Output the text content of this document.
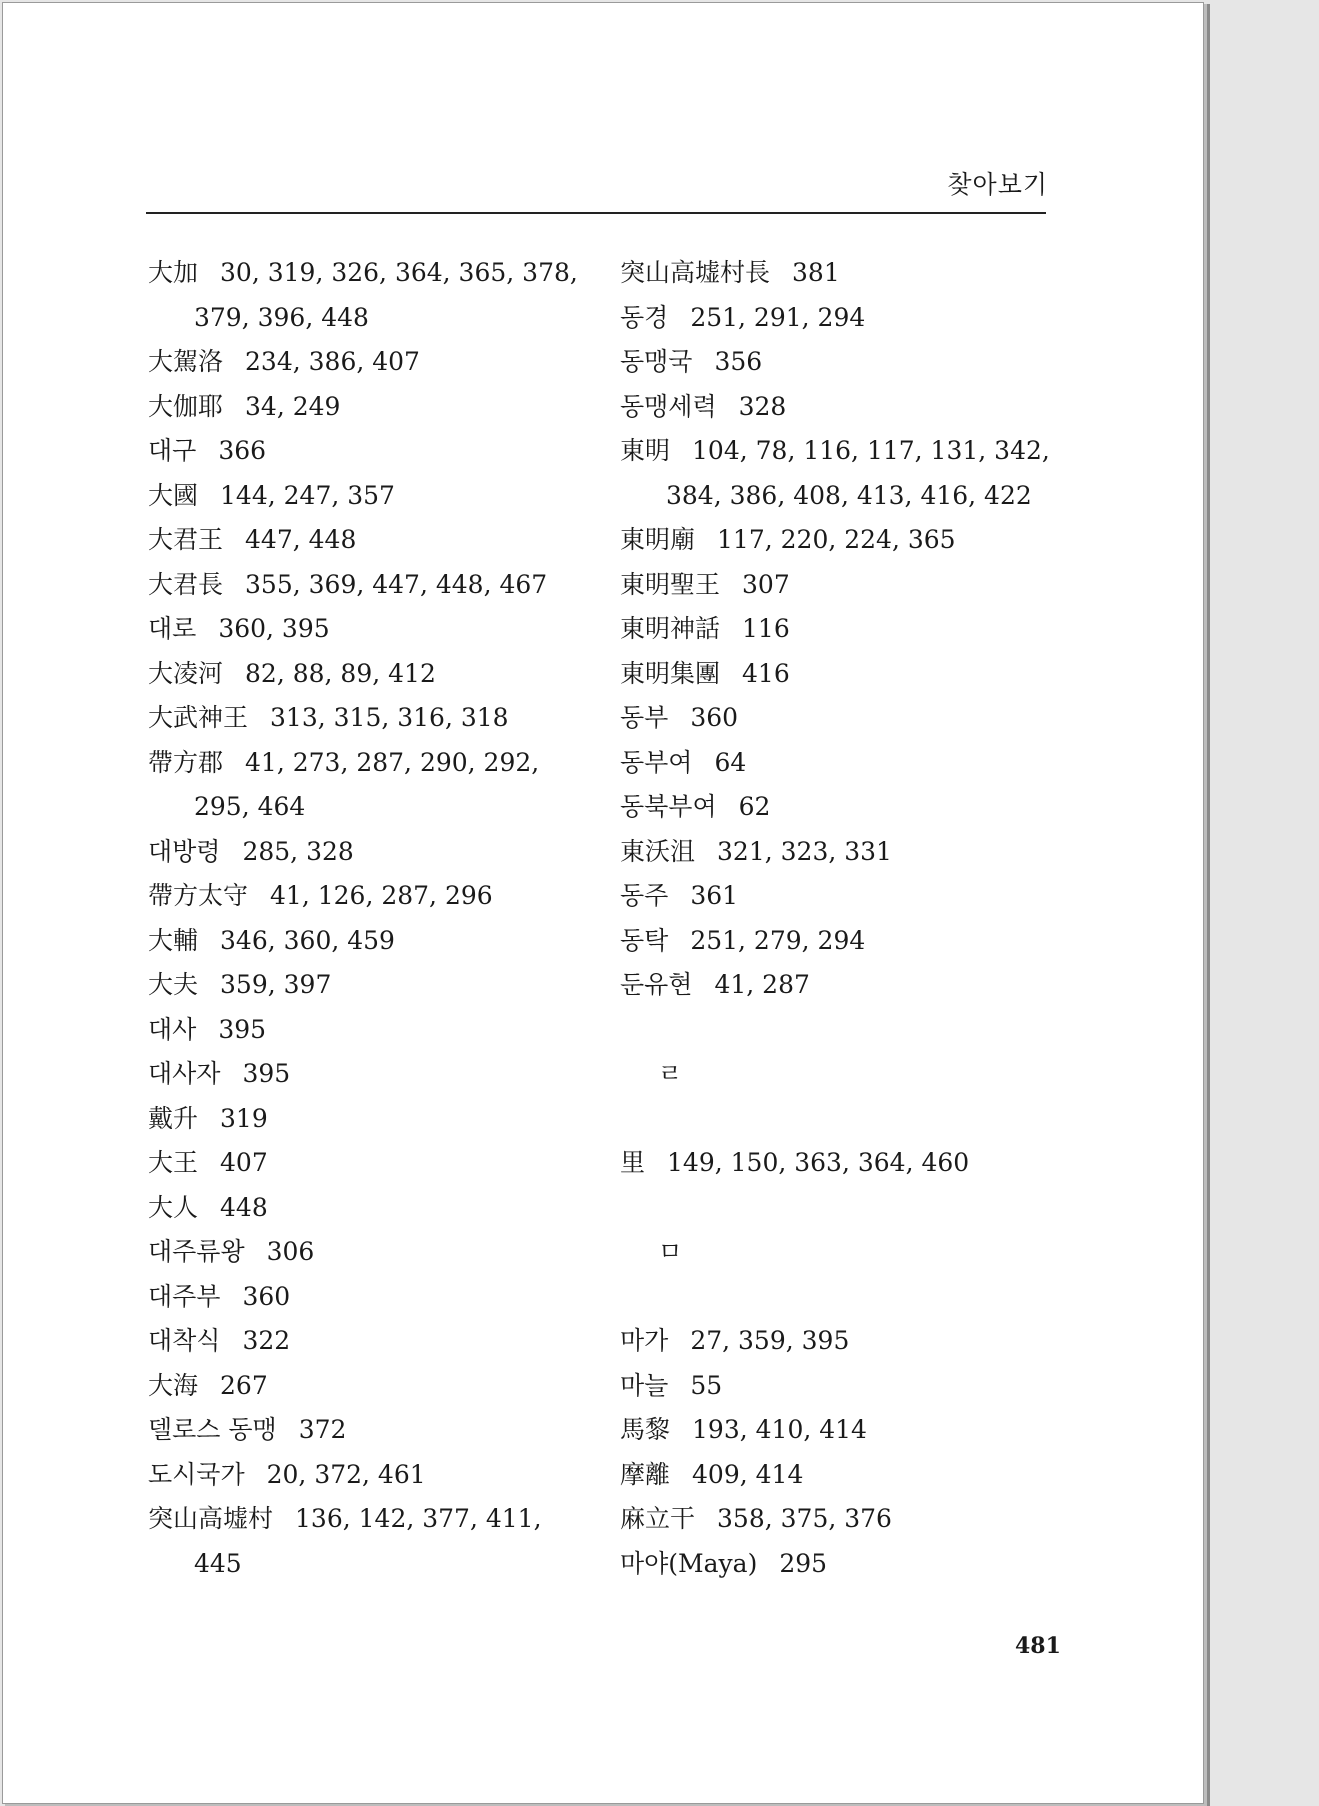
찾아보기
大加 30, 319, 326, 364, 365, 378,
379, 396, 448
大駕洛 234, 386, 407
大伽耶 34, 249
대구 366
大國 144, 247, 357
大君王 447, 448
大君長 355, 369, 447, 448, 467
대로 360, 395
大凌河 82, 88, 89, 412
大武神王 313, 315, 316, 318
帶方郡 41, 273, 287, 290, 292,
295, 464
대방령 285, 328
帶方太守 41, 126, 287, 296
大輔 346, 360, 459
大夫 359, 397
대사 395
대사자 395
戴升 319
大王 407
大人 448
대주류왕 306
대주부 360
대착식 322
大海 267
델로스 동맹 372
도시국가 20, 372, 461
突山高墟村 136, 142, 377, 411,
445
突山高墟村長 381
동경 251, 291, 294
동맹국 356
동맹세력 328
東明 104, 78, 116, 117, 131, 342,
384, 386, 408, 413, 416, 422
東明廟 117, 220, 224, 365
東明聖王 307
東明神話 116
東明集團 416
동부 360
동부여 64
동북부여 62
東沃沮 321, 323, 331
동주 361
동탁 251, 279, 294
둔유현 41, 287
ㄹ
里 149, 150, 363, 364, 460
ㅁ
마가 27, 359, 395
마늘 55
馬黎 193, 410, 414
摩離 409, 414
麻立干 358, 375, 376
마야(Maya) 295
481
